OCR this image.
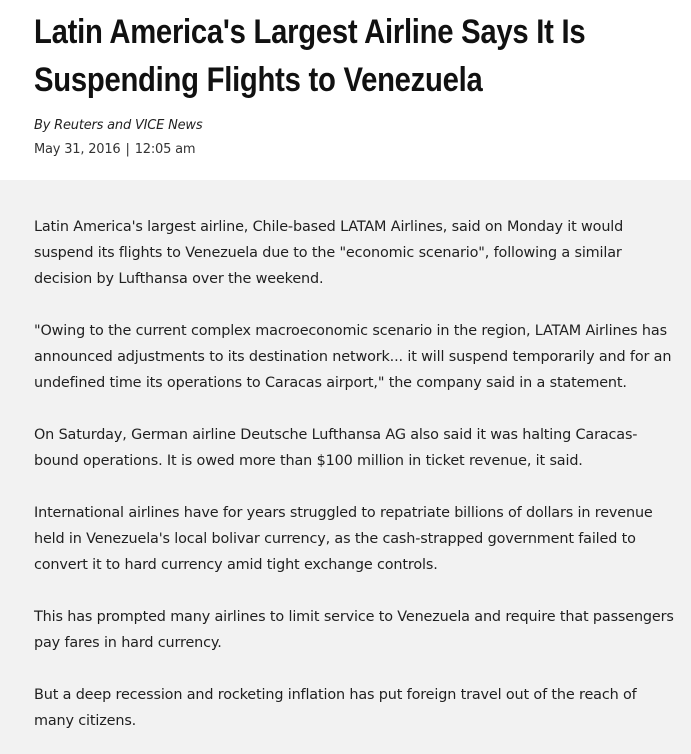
Latin America's Largest Airline Says It Is
Suspending Flights to Venezuela
By Reuters and VICE News
May 31, 2016 | 12:05 am

Latin America's largest airline, Chile-based LATAM Airlines, said on Monday it would suspend its flights to Venezuela due to the "economic scenario", following a similar decision by Lufthansa over the weekend.

"Owing to the current complex macroeconomic scenario in the region, LATAM Airlines has announced adjustments to its destination network... it will suspend temporarily and for an undefined time its operations to Caracas airport," the company said in a statement.

On Saturday, German airline Deutsche Lufthansa AG also said it was halting Caracas-bound operations. It is owed more than $100 million in ticket revenue, it said.

International airlines have for years struggled to repatriate billions of dollars in revenue held in Venezuela's local bolivar currency, as the cash-strapped government failed to convert it to hard currency amid tight exchange controls.

This has prompted many airlines to limit service to Venezuela and require that passengers pay fares in hard currency.

But a deep recession and rocketing inflation has put foreign travel out of the reach of many citizens.
